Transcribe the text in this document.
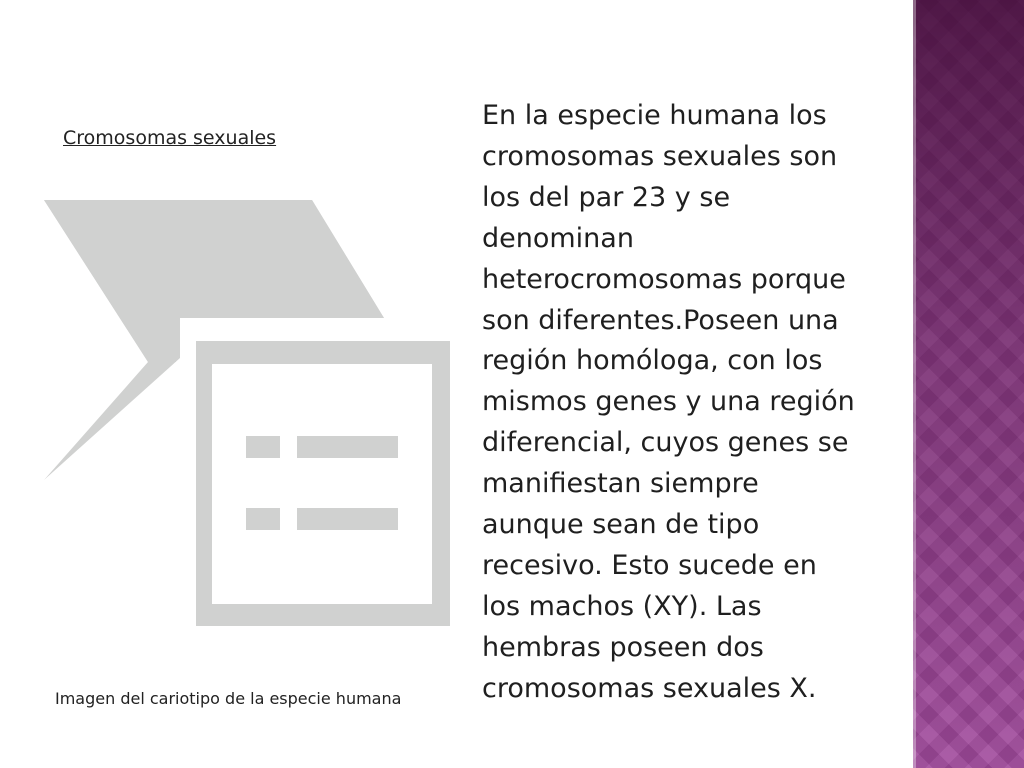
Cromosomas sexuales
Imagen del cariotipo de la especie humana
En la especie humana los
cromosomas sexuales son
los del par 23 y se
denominan
heterocromosomas porque
son diferentes.Poseen una
región homóloga, con los
mismos genes y una región
diferencial, cuyos genes se
manifiestan siempre
aunque sean de tipo
recesivo. Esto sucede en
los machos (XY). Las
hembras poseen dos
cromosomas sexuales X.
